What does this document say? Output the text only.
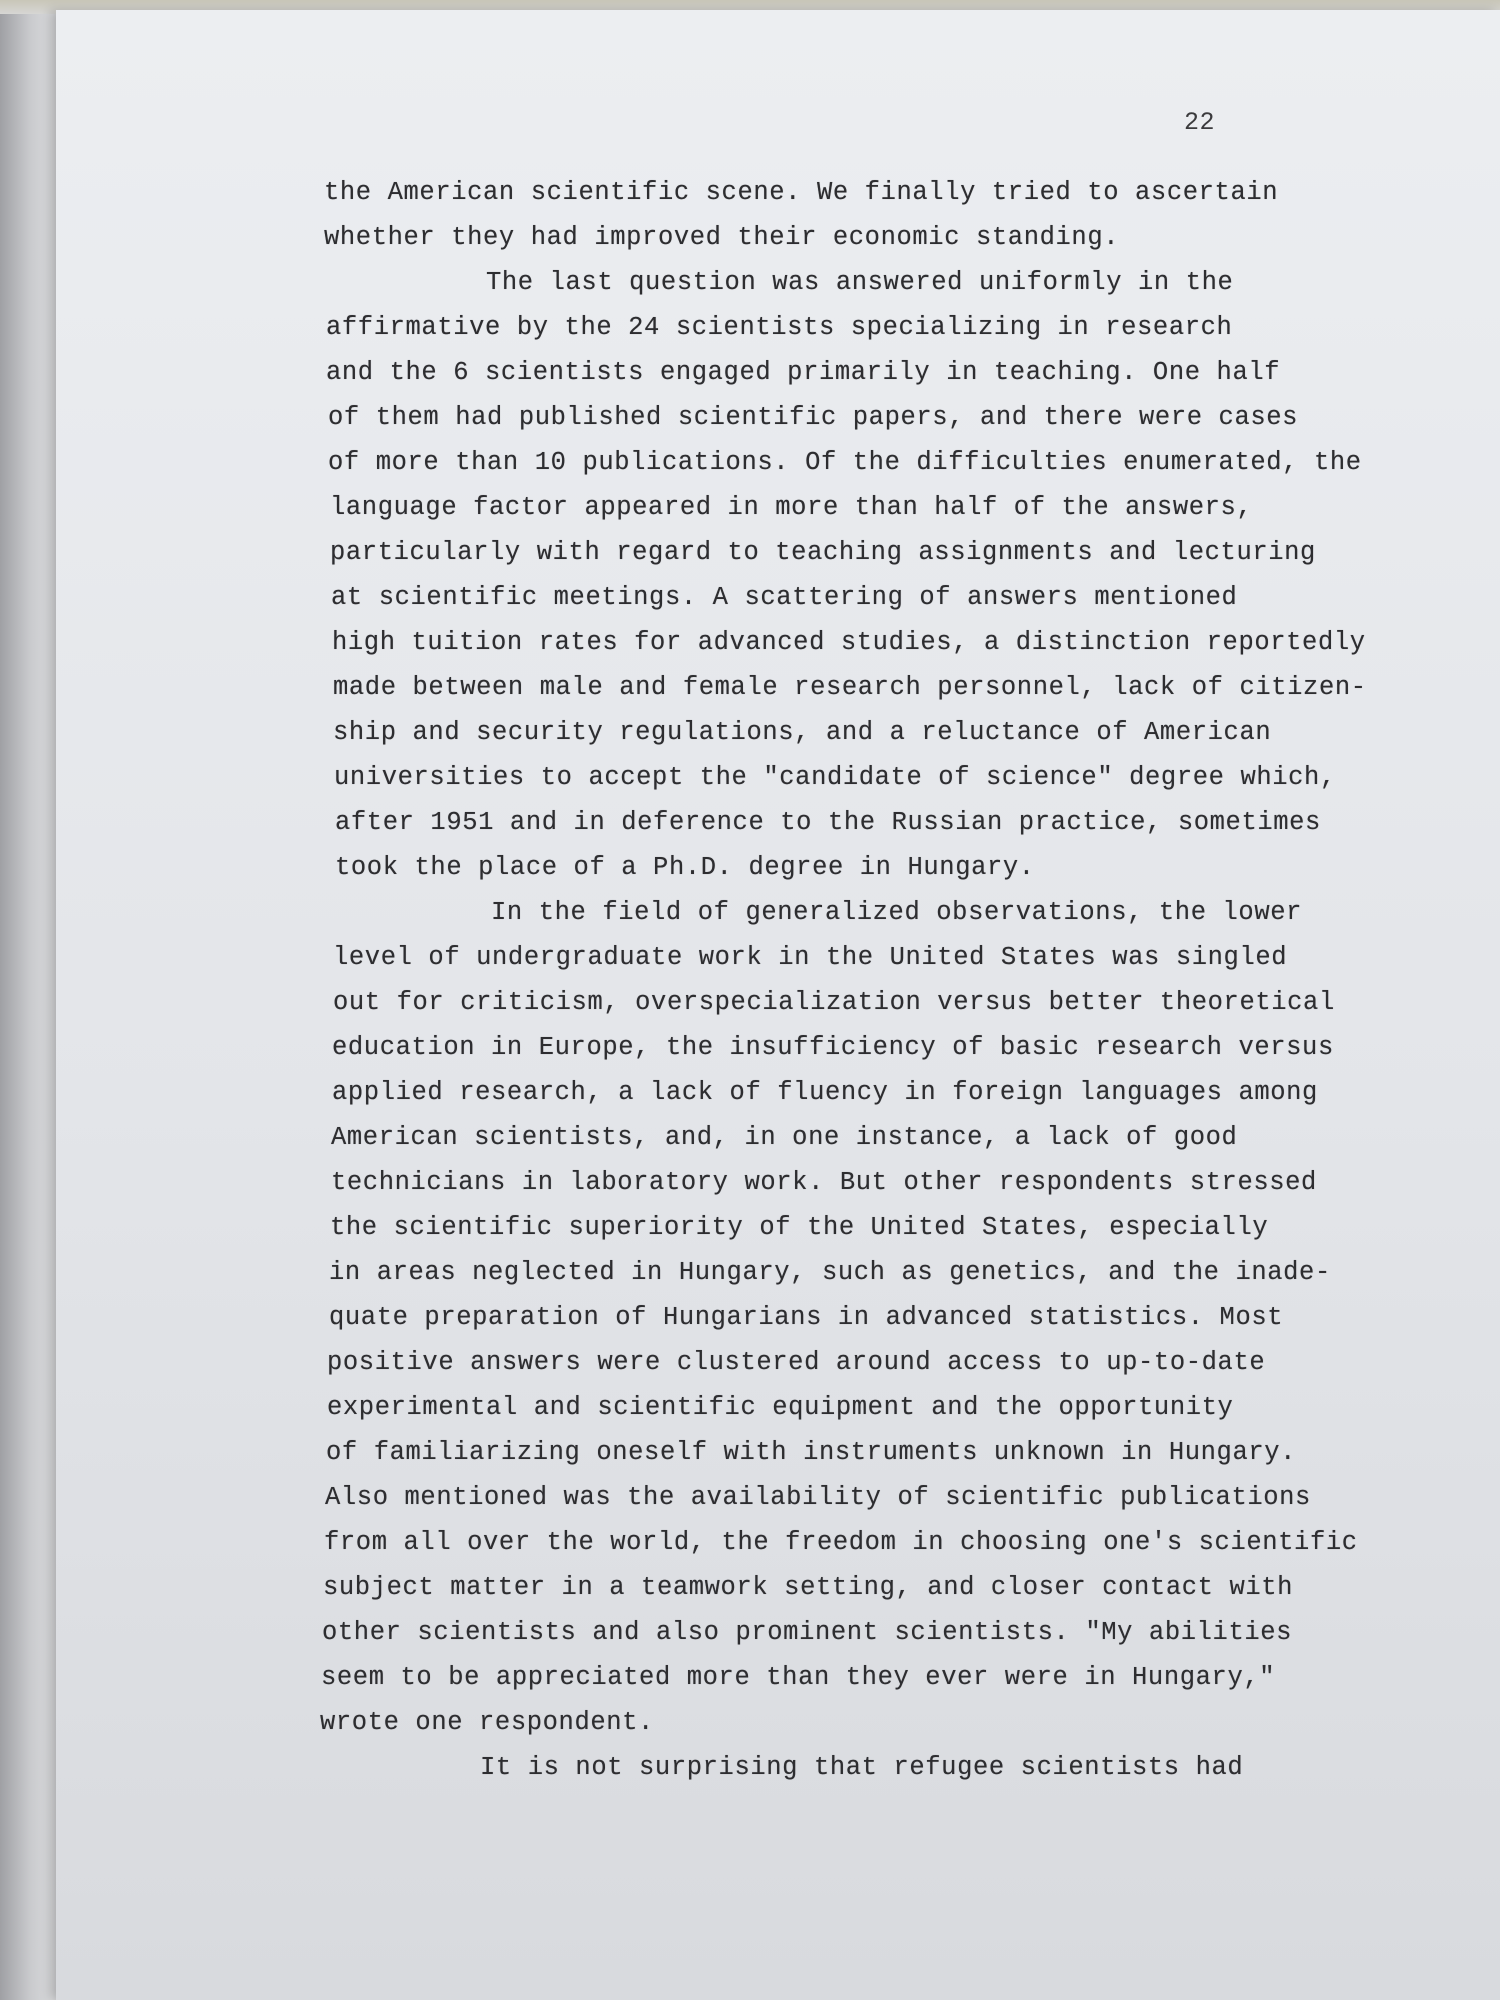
22
the American scientific scene. We finally tried to ascertain
whether they had improved their economic standing.
The last question was answered uniformly in the
affirmative by the 24 scientists specializing in research
and the 6 scientists engaged primarily in teaching. One half
of them had published scientific papers, and there were cases
of more than 10 publications. Of the difficulties enumerated, the
language factor appeared in more than half of the answers,
particularly with regard to teaching assignments and lecturing
at scientific meetings. A scattering of answers mentioned
high tuition rates for advanced studies, a distinction reportedly
made between male and female research personnel, lack of citizen-
ship and security regulations, and a reluctance of American
universities to accept the "candidate of science" degree which,
after 1951 and in deference to the Russian practice, sometimes
took the place of a Ph.D. degree in Hungary.
In the field of generalized observations, the lower
level of undergraduate work in the United States was singled
out for criticism, overspecialization versus better theoretical
education in Europe, the insufficiency of basic research versus
applied research, a lack of fluency in foreign languages among
American scientists, and, in one instance, a lack of good
technicians in laboratory work. But other respondents stressed
the scientific superiority of the United States, especially
in areas neglected in Hungary, such as genetics, and the inade-
quate preparation of Hungarians in advanced statistics. Most
positive answers were clustered around access to up-to-date
experimental and scientific equipment and the opportunity
of familiarizing oneself with instruments unknown in Hungary.
Also mentioned was the availability of scientific publications
from all over the world, the freedom in choosing one's scientific
subject matter in a teamwork setting, and closer contact with
other scientists and also prominent scientists. "My abilities
seem to be appreciated more than they ever were in Hungary,"
wrote one respondent.
It is not surprising that refugee scientists had
